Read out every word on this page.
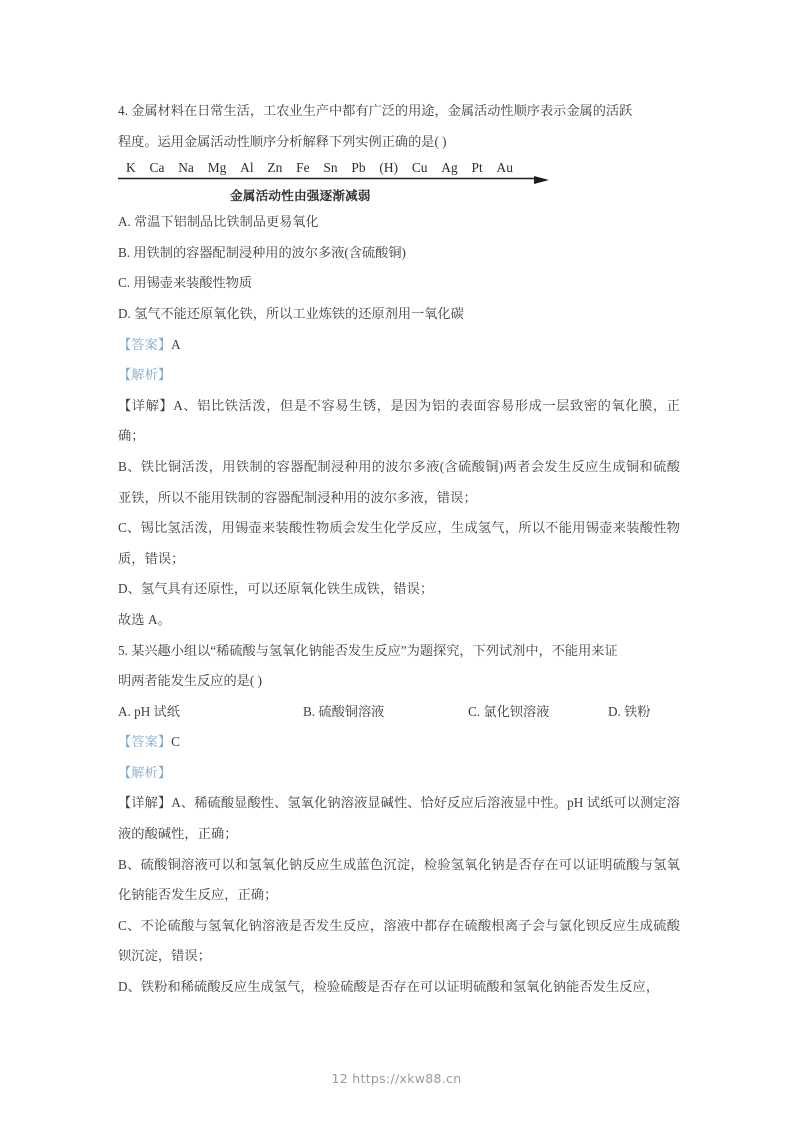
4. 金属材料在日常生活，工农业生产中都有广泛的用途，金属活动性顺序表示金属的活跃
程度。运用金属活动性顺序分析解释下列实例正确的是( )
K Ca Na Mg Al Zn Fe Sn Pb (H) Cu Ag Pt Au
金属活动性由强逐渐减弱
A. 常温下铝制品比铁制品更易氧化
B. 用铁制的容器配制浸种用的波尔多液(含硫酸铜)
C. 用锡壶来装酸性物质
D. 氢气不能还原氧化铁，所以工业炼铁的还原剂用一氧化碳
【答案】A
【解析】
【详解】A、铝比铁活泼，但是不容易生锈，是因为铝的表面容易形成一层致密的氧化膜，正确；
B、铁比铜活泼，用铁制的容器配制浸种用的波尔多液(含硫酸铜)两者会发生反应生成铜和硫酸亚铁，所以不能用铁制的容器配制浸种用的波尔多液，错误；
C、锡比氢活泼，用锡壶来装酸性物质会发生化学反应，生成氢气，所以不能用锡壶来装酸性物质，错误；
D、氢气具有还原性，可以还原氧化铁生成铁，错误；
故选 A。
5. 某兴趣小组以“稀硫酸与氢氧化钠能否发生反应”为题探究，下列试剂中，不能用来证
明两者能发生反应的是( )
A. pH 试纸	B. 硫酸铜溶液	C. 氯化钡溶液	D. 铁粉
【答案】C
【解析】
【详解】A、稀硫酸显酸性、氢氧化钠溶液显碱性、恰好反应后溶液显中性。pH 试纸可以测定溶液的酸碱性，正确；
B、硫酸铜溶液可以和氢氧化钠反应生成蓝色沉淀，检验氢氧化钠是否存在可以证明硫酸与氢氧化钠能否发生反应，正确；
C、不论硫酸与氢氧化钠溶液是否发生反应，溶液中都存在硫酸根离子会与氯化钡反应生成硫酸钡沉淀，错误；
D、铁粉和稀硫酸反应生成氢气，检验硫酸是否存在可以证明硫酸和氢氧化钠能否发生反应，
12 https://xkw88.cn
